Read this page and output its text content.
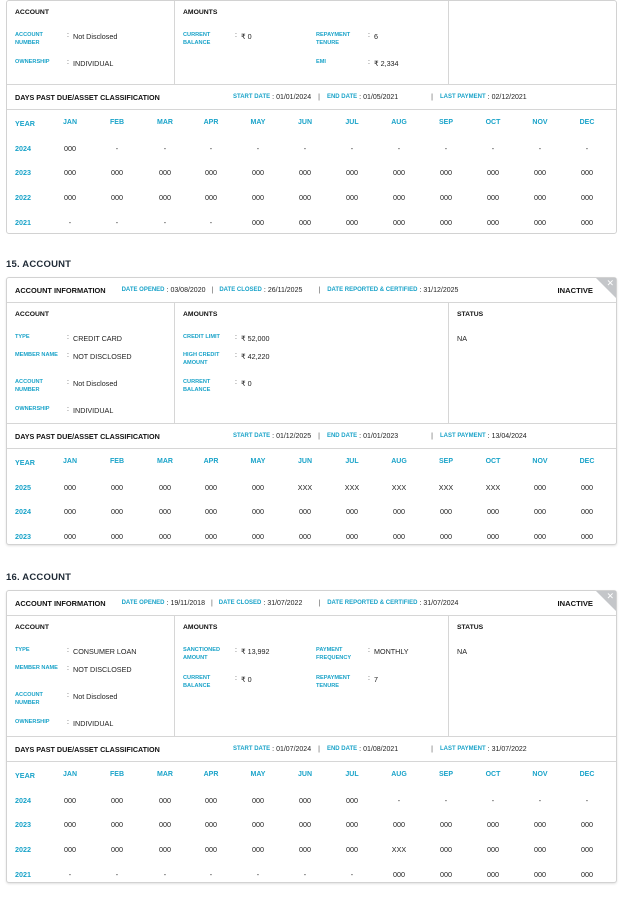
ACCOUNT
ACCOUNT NUMBER
: Not Disclosed
OWNERSHIP	: INDIVIDUAL
AMOUNTS
CURRENT BALANCE
: ₹ 0	REPAYMENT TENURE
: 6
EMI	: ₹ 2,334
DAYS PAST DUE/ASSET CLASSIFICATION	START DATE : 01/01/2024 | END DATE : 01/05/2021	| LAST PAYMENT : 02/12/2021
YEAR	JAN	FEB	MAR	APR	MAY	JUN	JUL	AUG	SEP	OCT	NOV	DEC
2024	000	-	-	-	-	-	-	-	-	-	-	-
2023	000	000	000	000	000	000	000	000	000	000	000	000
2022	000	000	000	000	000	000	000	000	000	000	000	000
2021	-	-	-	-	000	000	000	000	000	000	000	000
15. ACCOUNT
✕
ACCOUNT INFORMATION	DATE OPENED : 03/08/2020 | DATE CLOSED : 26/11/2025 | DATE REPORTED & CERTIFIED : 31/12/2025	INACTIVE
ACCOUNT
TYPE	: CREDIT CARD
MEMBER NAME : NOT DISCLOSED
ACCOUNT NUMBER
: Not Disclosed
OWNERSHIP	: INDIVIDUAL
AMOUNTS
CREDIT LIMIT	: ₹ 52,000
HIGH CREDIT AMOUNT
: ₹ 42,220
CURRENT BALANCE
: ₹ 0
STATUS
NA
DAYS PAST DUE/ASSET CLASSIFICATION	START DATE : 01/12/2025 | END DATE : 01/01/2023	| LAST PAYMENT : 13/04/2024
YEAR	JAN	FEB	MAR	APR	MAY	JUN	JUL	AUG	SEP	OCT	NOV	DEC
2025	000	000	000	000	000	XXX	XXX	XXX	XXX	XXX	000	000
2024	000	000	000	000	000	000	000	000	000	000	000	000
2023	000	000	000	000	000	000	000	000	000	000	000	000
16. ACCOUNT
✕
ACCOUNT INFORMATION	DATE OPENED : 19/11/2018 | DATE CLOSED : 31/07/2022 | DATE REPORTED & CERTIFIED : 31/07/2024	INACTIVE
ACCOUNT
TYPE	: CONSUMER LOAN
MEMBER NAME : NOT DISCLOSED
ACCOUNT NUMBER
: Not Disclosed
OWNERSHIP	: INDIVIDUAL
AMOUNTS
SANCTIONED AMOUNT
: ₹ 13,992
CURRENT BALANCE
: ₹ 0
PAYMENT FREQUENCY
: MONTHLY
REPAYMENT TENURE
: 7
STATUS
NA
DAYS PAST DUE/ASSET CLASSIFICATION	START DATE : 01/07/2024 | END DATE : 01/08/2021	| LAST PAYMENT : 31/07/2022
YEAR	JAN	FEB	MAR	APR	MAY	JUN	JUL	AUG	SEP	OCT	NOV	DEC
2024	000	000	000	000	000	000	000	-	-	-	-	-
2023	000	000	000	000	000	000	000	000	000	000	000	000
2022	000	000	000	000	000	000	000	XXX	000	000	000	000
2021	-	-	-	-	-	-	-	000	000	000	000	000
